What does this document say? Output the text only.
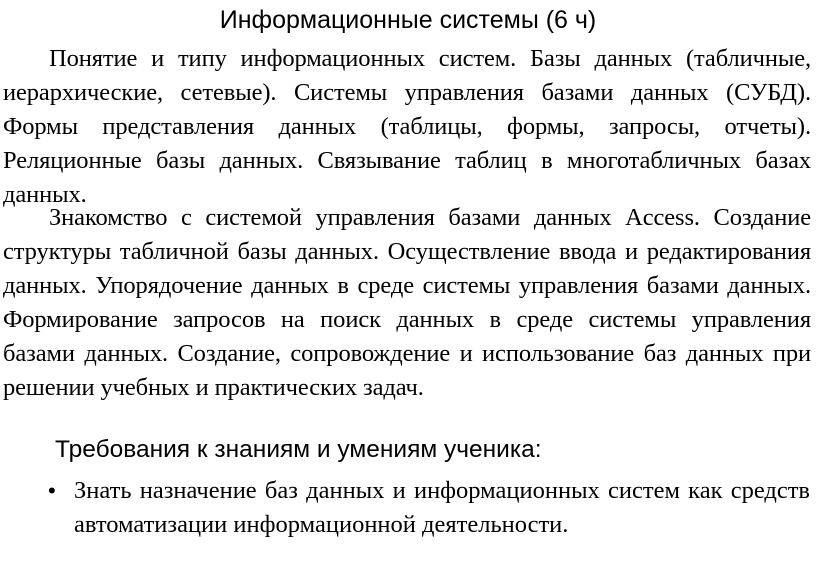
Информационные системы (6 ч)

Понятие и типу информационных систем. Базы данных (табличные, иерархические, сетевые). Системы управления базами данных (СУБД). Формы представления данных (таблицы, формы, запросы, отчеты). Реляционные базы данных. Связывание таблиц в многотабличных базах данных.

Знакомство с системой управления базами данных Access. Создание структуры табличной базы данных. Осуществление ввода и редактирования данных. Упорядочение данных в среде системы управления базами данных. Формирование запросов на поиск данных в среде системы управления базами данных. Создание, сопровождение и использование баз данных при решении учебных и практических задач.

Требования к знаниям и умениям ученика:
• Знать назначение баз данных и информационных систем как средств автоматизации информационной деятельности.
